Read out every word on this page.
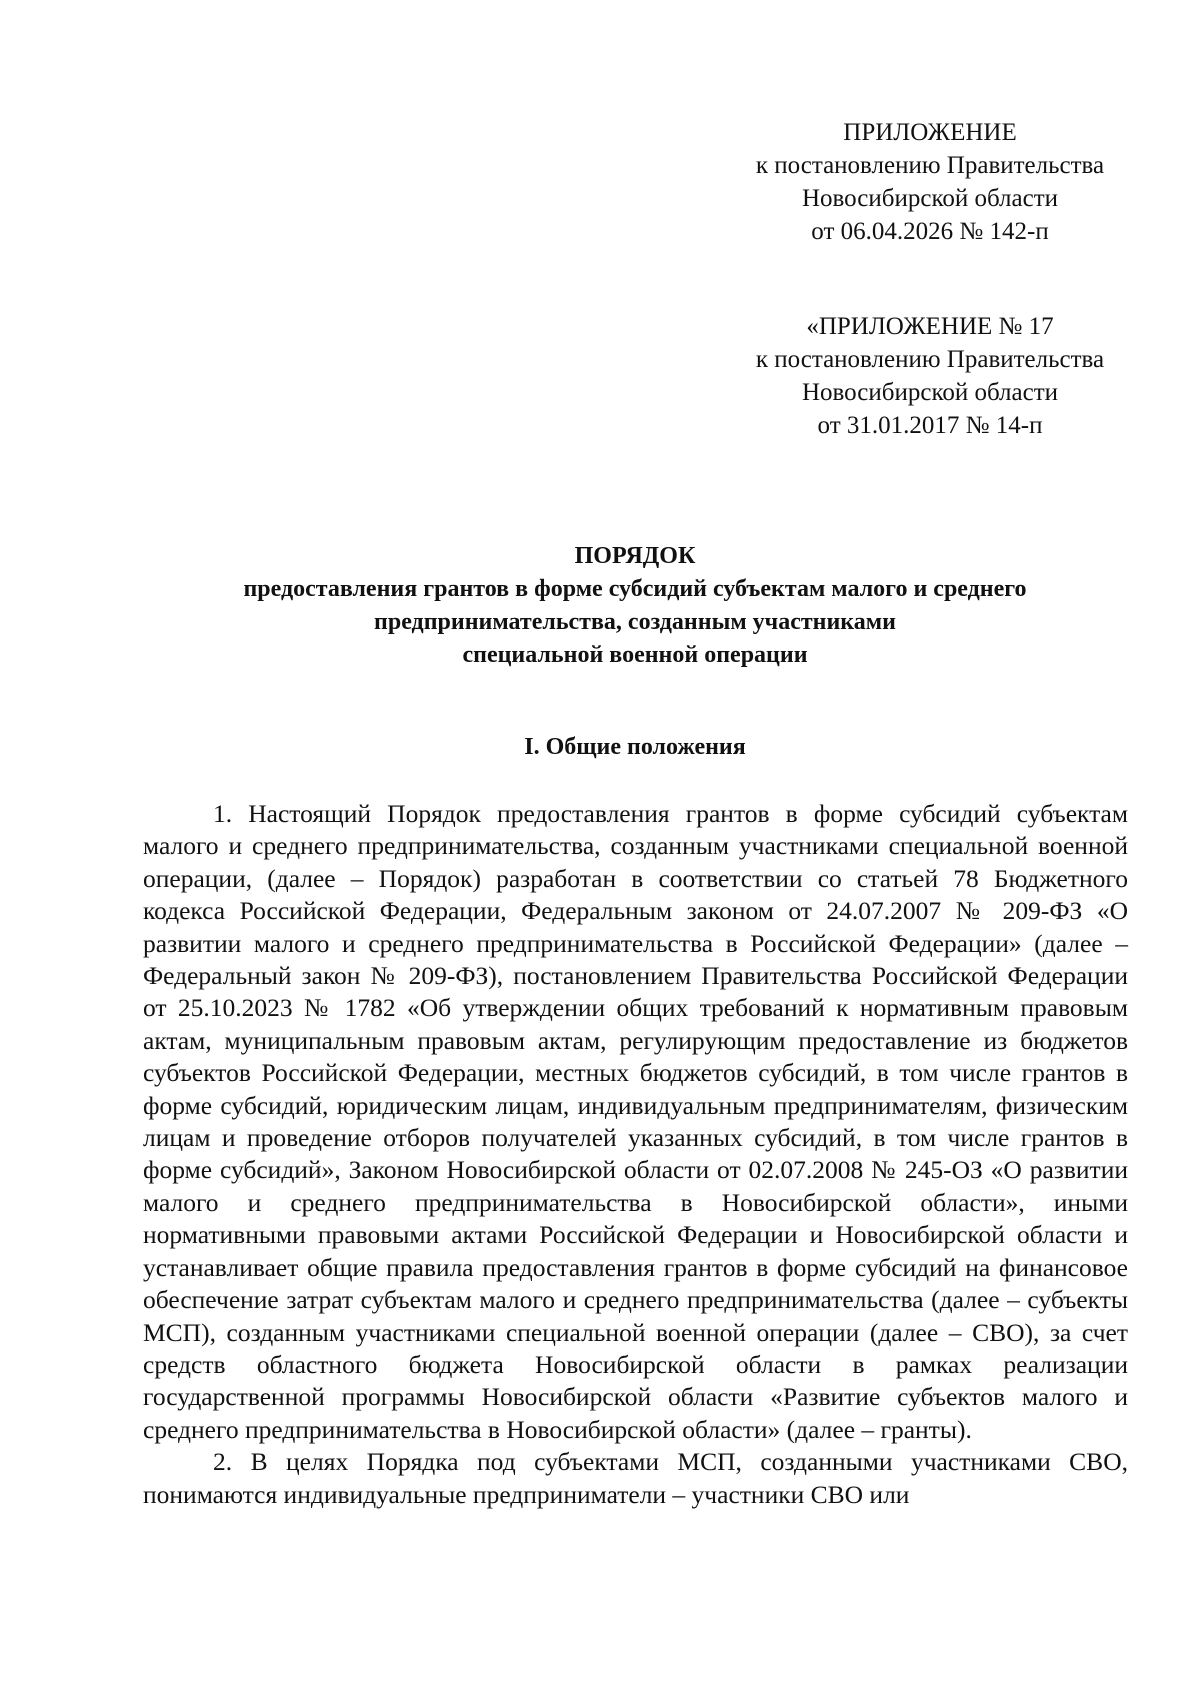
ПРИЛОЖЕНИЕ
к постановлению Правительства
Новосибирской области
от 06.04.2026 № 142-п
«ПРИЛОЖЕНИЕ № 17
к постановлению Правительства
Новосибирской области
от 31.01.2017 № 14-п
ПОРЯДОК
предоставления грантов в форме субсидий субъектам малого и среднего
предпринимательства, созданным участниками
специальной военной операции
I. Общие положения

1. Настоящий Порядок предоставления грантов в форме субсидий субъектам малого и среднего предпринимательства, созданным участниками специальной военной операции, (далее – Порядок) разработан в соответствии со статьей 78 Бюджетного кодекса Российской Федерации, Федеральным законом от 24.07.2007 № 209-ФЗ «О развитии малого и среднего предпринимательства в Российской Федерации» (далее – Федеральный закон № 209-ФЗ), постановлением Правительства Российской Федерации от 25.10.2023 № 1782 «Об утверждении общих требований к нормативным правовым актам, муниципальным правовым актам, регулирующим предоставление из бюджетов субъектов Российской Федерации, местных бюджетов субсидий, в том числе грантов в форме субсидий, юридическим лицам, индивидуальным предпринимателям, физическим лицам и проведение отборов получателей указанных субсидий, в том числе грантов в форме субсидий», Законом Новосибирской области от 02.07.2008 № 245-ОЗ «О развитии малого и среднего предпринимательства в Новосибирской области», иными нормативными правовыми актами Российской Федерации и Новосибирской области и устанавливает общие правила предоставления грантов в форме субсидий на финансовое обеспечение затрат субъектам малого и среднего предпринимательства (далее – субъекты МСП), созданным участниками специальной военной операции (далее – СВО), за счет средств областного бюджета Новосибирской области в рамках реализации государственной программы Новосибирской области «Развитие субъектов малого и среднего предпринимательства в Новосибирской области» (далее – гранты).

2. В целях Порядка под субъектами МСП, созданными участниками СВО, понимаются индивидуальные предприниматели – участники СВО или
